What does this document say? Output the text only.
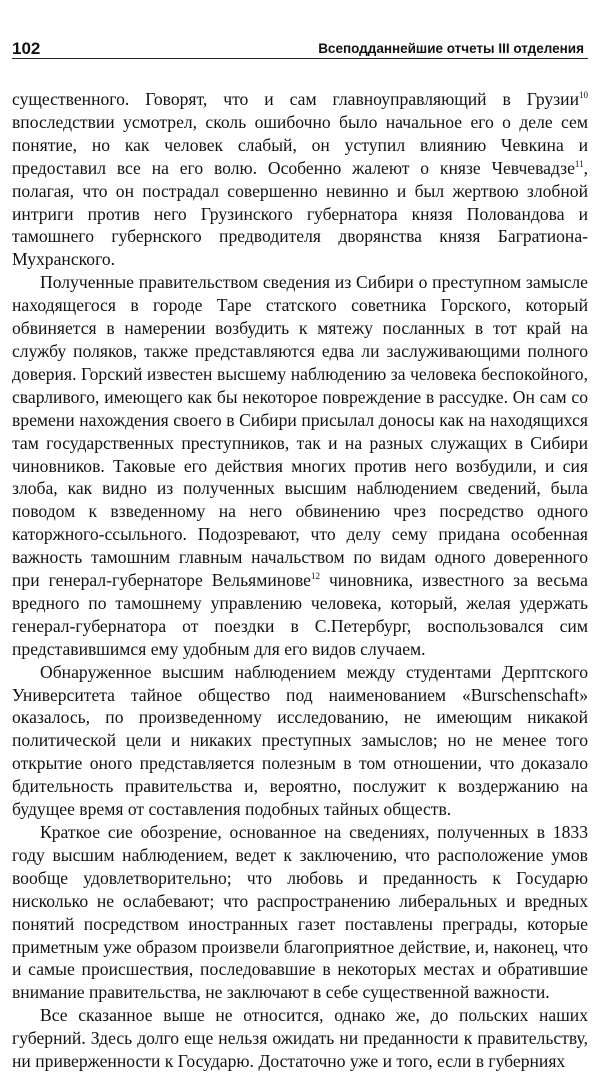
102	Всеподданнейшие отчеты III отделения

существенного. Говорят, что и сам главноуправляющий в Грузии$^{10}$ впоследствии усмотрел, сколь ошибочно было начальное его о деле сем понятие, но как человек слабый, он уступил влиянию Чевкина и предоставил все на его волю. Особенно жалеют о князе Чевчевадзе$^{11}$, полагая, что он пострадал совершенно невинно и был жертвою злобной интриги против него Грузинского губернатора князя Половандова и тамошнего губернского предводителя дворянства князя Багратиона-Мухранского.

Полученные правительством сведения из Сибири о преступном замысле находящегося в городе Таре статского советника Горского, который обвиняется в намерении возбудить к мятежу посланных в тот край на службу поляков, также представляются едва ли заслуживающими полного доверия. Горский известен высшему наблюдению за человека беспокойного, сварливого, имеющего как бы некоторое повреждение в рассудке. Он сам со времени нахождения своего в Сибири присылал доносы как на находящихся там государственных преступников, так и на разных служащих в Сибири чиновников. Таковые его действия многих против него возбудили, и сия злоба, как видно из полученных высшим наблюдением сведений, была поводом к взведенному на него обвинению чрез посредство одного каторжного-ссыльного. Подозревают, что делу сему придана особенная важность тамошним главным начальством по видам одного доверенного при генерал-губернаторе Вельяминове$^{12}$ чиновника, известного за весьма вредного по тамошнему управлению человека, который, желая удержать генерал-губернатора от поездки в С.Петербург, воспользовался сим представившимся ему удобным для его видов случаем.

Обнаруженное высшим наблюдением между студентами Дерптского Университета тайное общество под наименованием «Burschenschaft» оказалось, по произведенному исследованию, не имеющим никакой политической цели и никаких преступных замыслов; но не менее того открытие оного представляется полезным в том отношении, что доказало бдительность правительства и, вероятно, послужит к воздержанию на будущее время от составления подобных тайных обществ.

Краткое сие обозрение, основанное на сведениях, полученных в 1833 году высшим наблюдением, ведет к заключению, что расположение умов вообще удовлетворительно; что любовь и преданность к Государю нисколько не ослабевают; что распространению либеральных и вредных понятий посредством иностранных газет поставлены преграды, которые приметным уже образом произвели благоприятное действие, и, наконец, что и самые происшествия, последовавшие в некоторых местах и обратившие внимание правительства, не заключают в себе существенной важности.

Все сказанное выше не относится, однако же, до польских наших губерний. Здесь долго еще нельзя ожидать ни преданности к правительству, ни приверженности к Государю. Достаточно уже и того, если в губерниях
